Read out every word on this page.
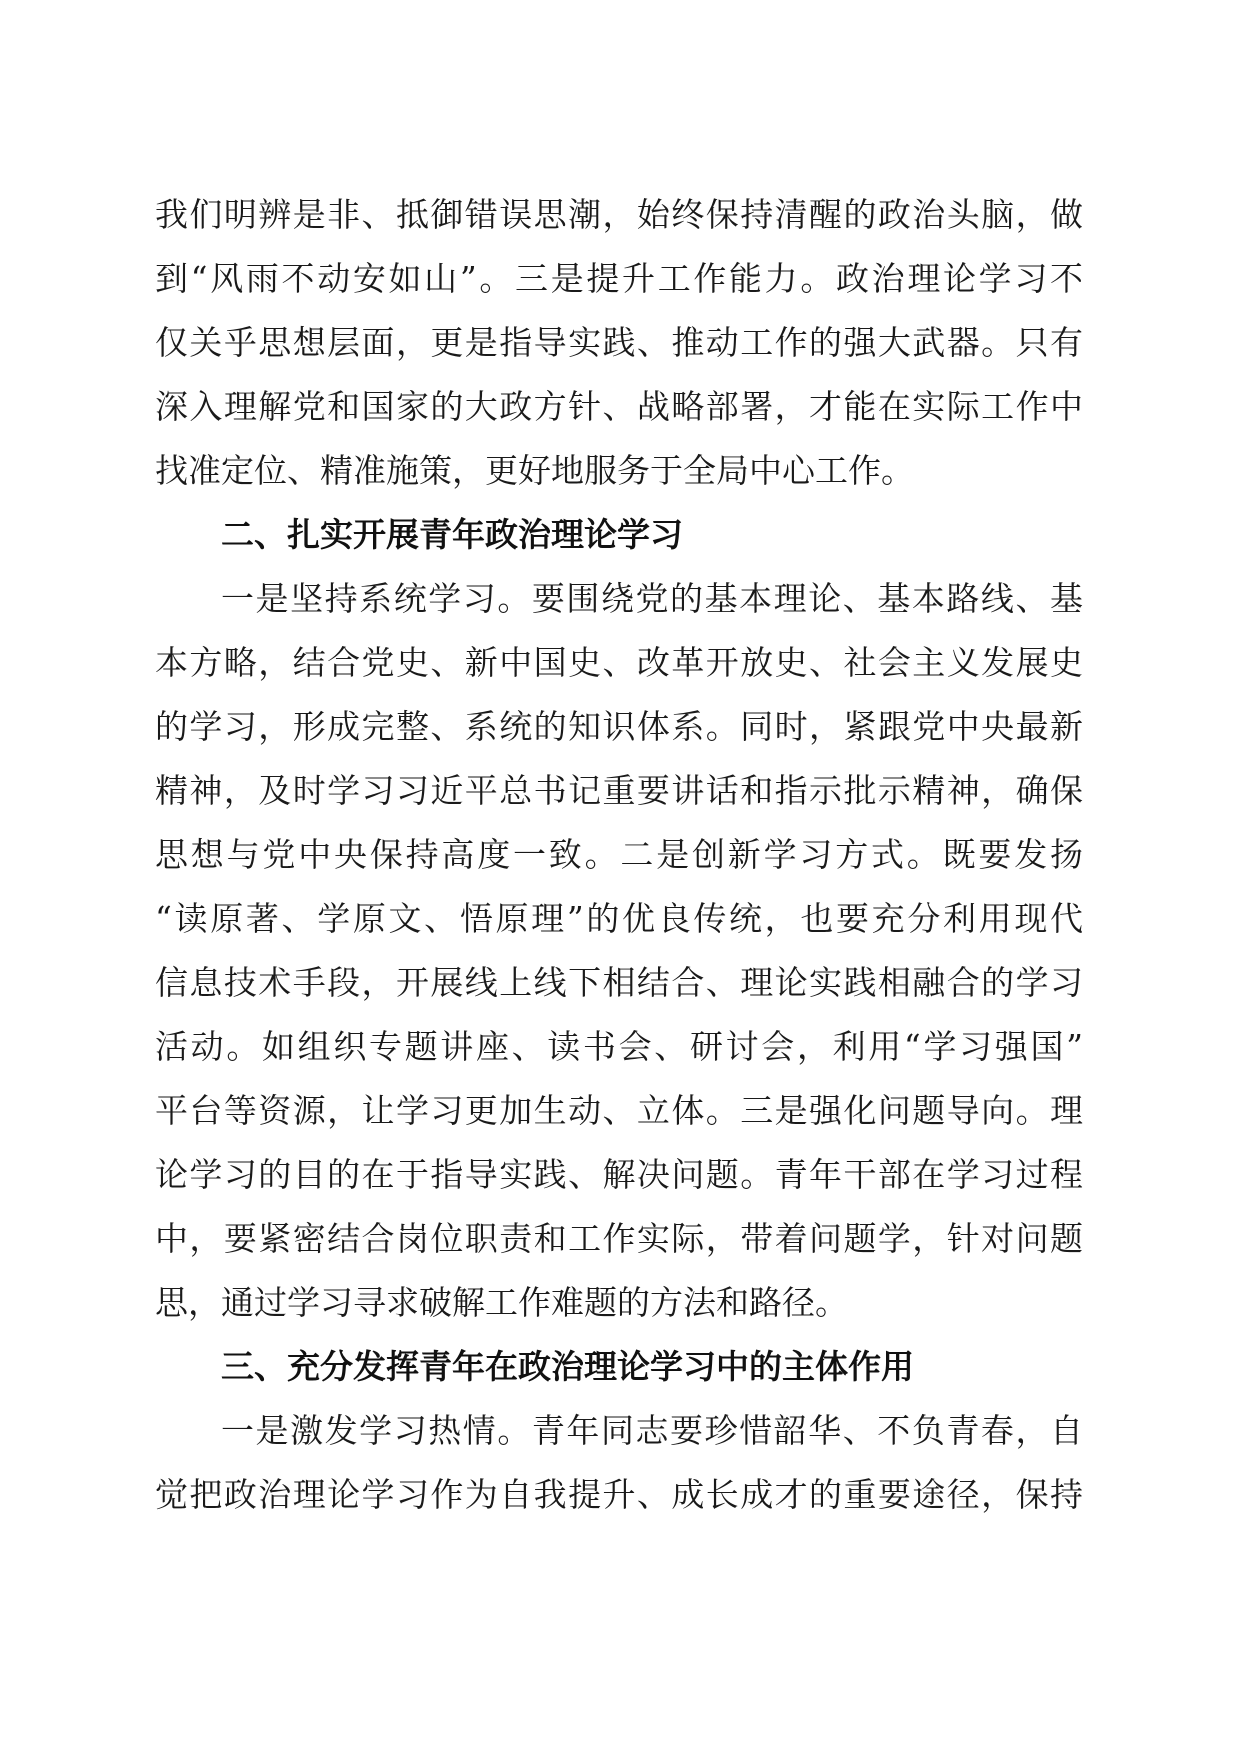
我们明辨是非、抵御错误思潮，始终保持清醒的政治头脑，做
到“风雨不动安如山”。三是提升工作能力。政治理论学习不
仅关乎思想层面，更是指导实践、推动工作的强大武器。只有
深入理解党和国家的大政方针、战略部署，才能在实际工作中
找准定位、精准施策，更好地服务于全局中心工作。
二、扎实开展青年政治理论学习
一是坚持系统学习。要围绕党的基本理论、基本路线、基
本方略，结合党史、新中国史、改革开放史、社会主义发展史
的学习，形成完整、系统的知识体系。同时，紧跟党中央最新
精神，及时学习习近平总书记重要讲话和指示批示精神，确保
思想与党中央保持高度一致。二是创新学习方式。既要发扬
“读原著、学原文、悟原理”的优良传统，也要充分利用现代
信息技术手段，开展线上线下相结合、理论实践相融合的学习
活动。如组织专题讲座、读书会、研讨会，利用“学习强国”
平台等资源，让学习更加生动、立体。三是强化问题导向。理
论学习的目的在于指导实践、解决问题。青年干部在学习过程
中，要紧密结合岗位职责和工作实际，带着问题学，针对问题
思，通过学习寻求破解工作难题的方法和路径。
三、充分发挥青年在政治理论学习中的主体作用
一是激发学习热情。青年同志要珍惜韶华、不负青春，自
觉把政治理论学习作为自我提升、成长成才的重要途径，保持
